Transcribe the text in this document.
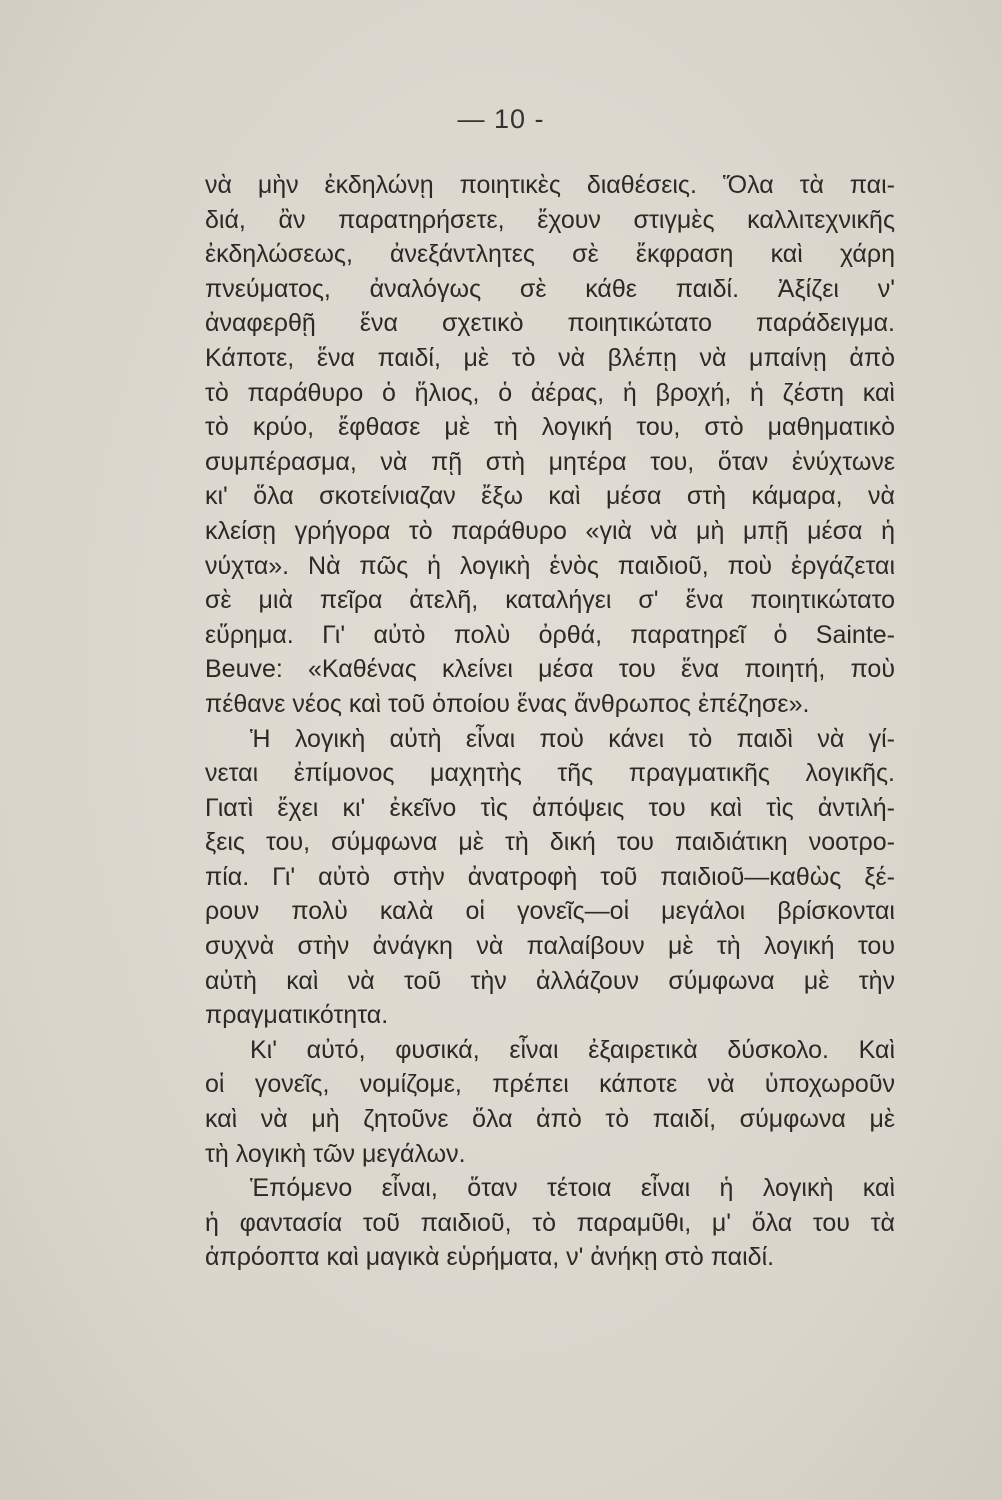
— 10 -
νὰ μὴν ἐκδηλώνῃ ποιητικὲς διαθέσεις. Ὅλα τὰ παι-
διά, ἂν παρατηρήσετε, ἔχουν στιγμὲς καλλιτεχνικῆς
ἐκδηλώσεως, ἀνεξάντλητες σὲ ἔκφραση καὶ χάρη
πνεύματος, ἀναλόγως σὲ κάθε παιδί. Ἀξίζει ν'
ἀναφερθῇ ἕνα σχετικὸ ποιητικώτατο παράδειγμα.
Κάποτε, ἕνα παιδί, μὲ τὸ νὰ βλέπῃ νὰ μπαίνῃ ἀπὸ
τὸ παράθυρο ὁ ἥλιος, ὁ ἀέρας, ἡ βροχή, ἡ ζέστη καὶ
τὸ κρύο, ἔφθασε μὲ τὴ λογική του, στὸ μαθηματικὸ
συμπέρασμα, νὰ πῇ στὴ μητέρα του, ὅταν ἐνύχτωνε
κι' ὅλα σκοτείνιαζαν ἔξω καὶ μέσα στὴ κάμαρα, νὰ
κλείσῃ γρήγορα τὸ παράθυρο «γιὰ νὰ μὴ μπῇ μέσα ἡ
νύχτα». Νὰ πῶς ἡ λογικὴ ἑνὸς παιδιοῦ, ποὺ ἐργάζεται
σὲ μιὰ πεῖρα ἀτελῆ, καταλήγει σ' ἕνα ποιητικώτατο
εὕρημα. Γι' αὐτὸ πολὺ ὀρθά, παρατηρεῖ ὁ Sainte-
Beuve: «Καθένας κλείνει μέσα του ἕνα ποιητή, ποὺ
πέθανε νέος καὶ τοῦ ὁποίου ἕνας ἄνθρωπος ἐπέζησε».
Ἡ λογικὴ αὐτὴ εἶναι ποὺ κάνει τὸ παιδὶ νὰ γί-
νεται ἐπίμονος μαχητὴς τῆς πραγματικῆς λογικῆς.
Γιατὶ ἔχει κι' ἐκεῖνο τὶς ἀπόψεις του καὶ τὶς ἀντιλή-
ξεις του, σύμφωνα μὲ τὴ δική του παιδιάτικη νοοτρο-
πία. Γι' αὐτὸ στὴν ἀνατροφὴ τοῦ παιδιοῦ—καθὼς ξέ-
ρουν πολὺ καλὰ οἱ γονεῖς—οἱ μεγάλοι βρίσκονται
συχνὰ στὴν ἀνάγκη νὰ παλαίβουν μὲ τὴ λογική του
αὐτὴ καὶ νὰ τοῦ τὴν ἀλλάζουν σύμφωνα μὲ τὴν
πραγματικότητα.
Κι' αὐτό, φυσικά, εἶναι ἐξαιρετικὰ δύσκολο. Καὶ
οἱ γονεῖς, νομίζομε, πρέπει κάποτε νὰ ὑποχωροῦν
καὶ νὰ μὴ ζητοῦνε ὅλα ἀπὸ τὸ παιδί, σύμφωνα μὲ
τὴ λογικὴ τῶν μεγάλων.
Ἑπόμενο εἶναι, ὅταν τέτοια εἶναι ἡ λογικὴ καὶ
ἡ φαντασία τοῦ παιδιοῦ, τὸ παραμῦθι, μ' ὅλα του τὰ
ἀπρόοπτα καὶ μαγικὰ εὑρήματα, ν' ἀνήκῃ στὸ παιδί.
